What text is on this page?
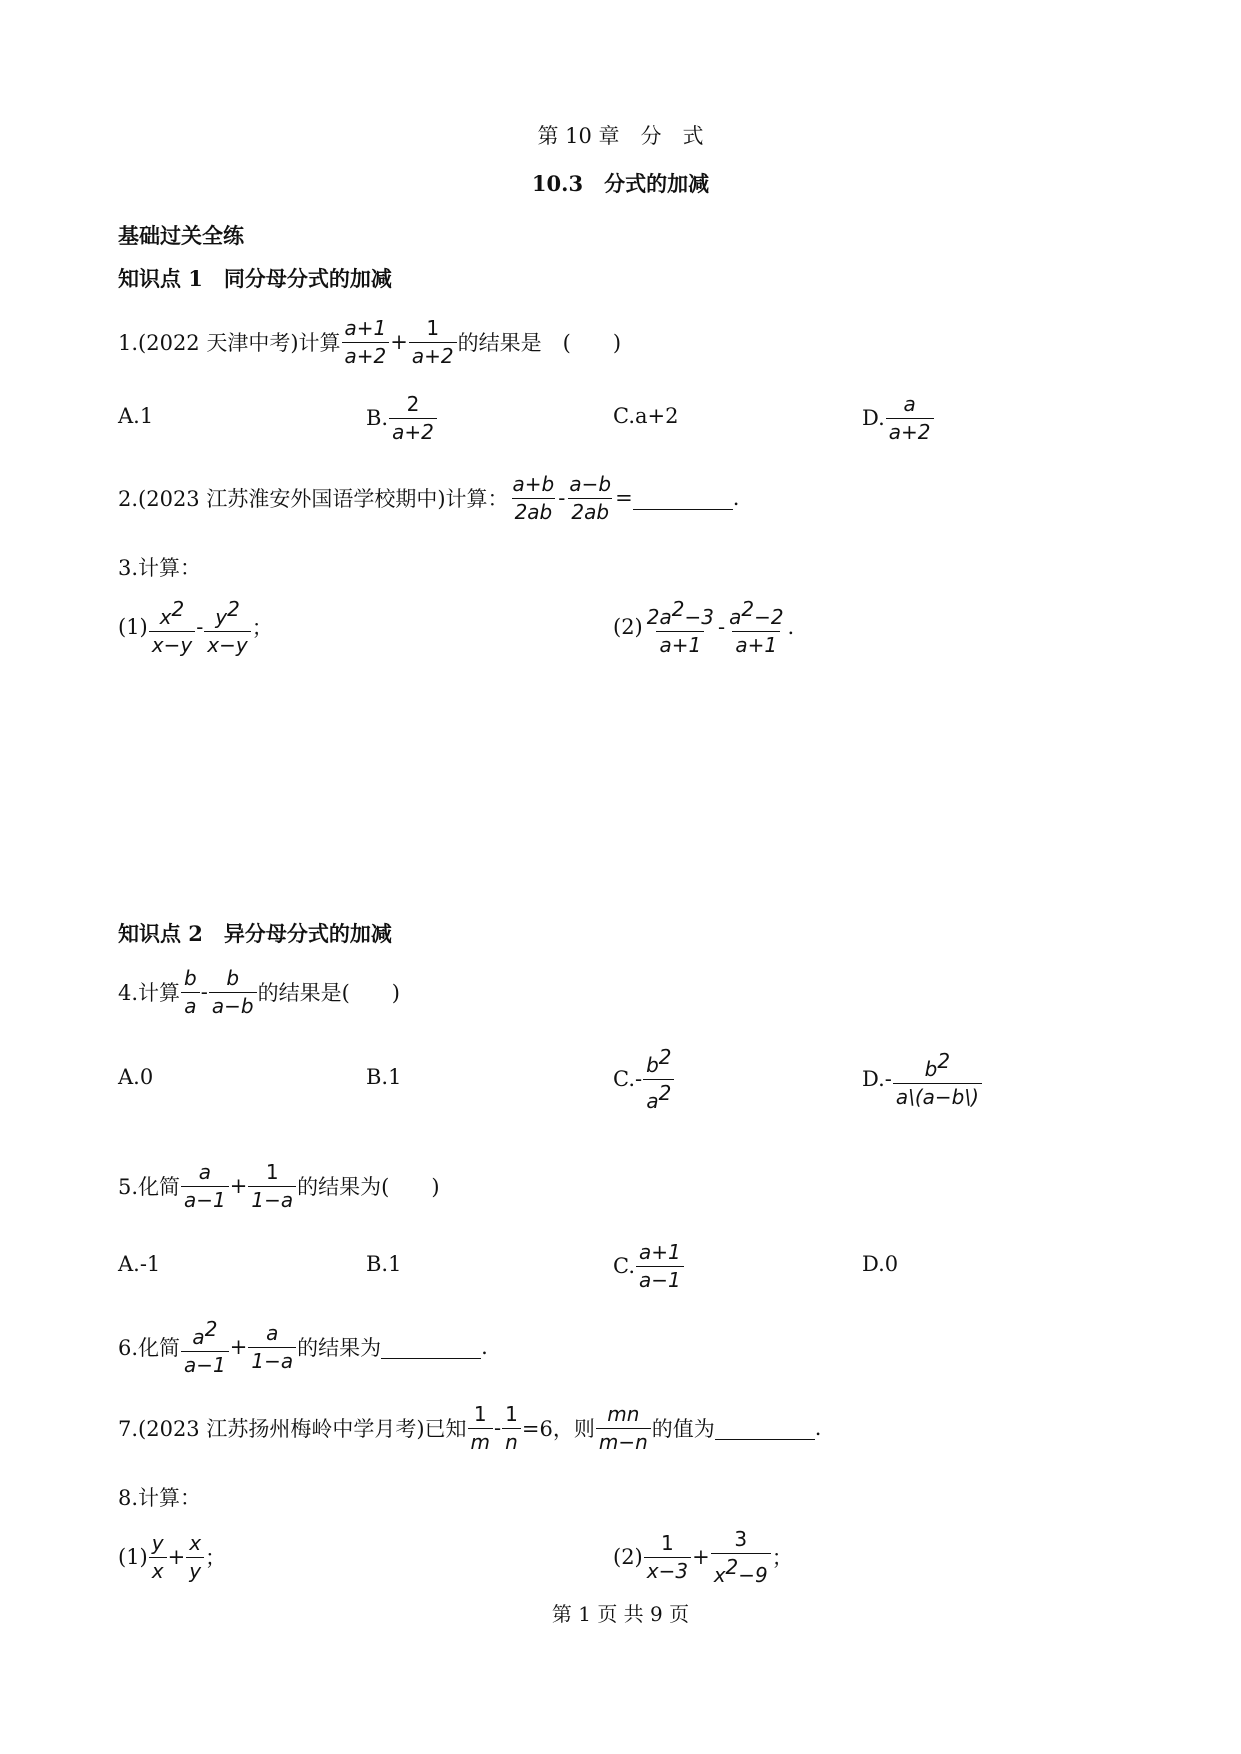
第 10 章　分　式
10.3　分式的加减
基础过关全练
知识点 1　同分母分式的加减
1.(2022 天津中考)计算 $\frac{a+1}{a+2} + \frac{1}{a+2}$ 的结果是　(　　)
A.1	B. $\frac{2}{a+2}$	C.a+2	D. $\frac{a}{a+2}$
2.(2023 江苏淮安外国语学校期中)计算： $\frac{a+b}{2ab} - \frac{a-b}{2ab}$ =	.
3.计算：
$(1) \frac{x^2}{x-y} - \frac{y^2}{x-y}$ ；	$(2) \frac{2a^2-3}{a+1} - \frac{a^2-2}{a+1}$ .
知识点 2　异分母分式的加减
4.计算 $\frac{b}{a} - \frac{b}{a-b}$ 的结果是(　　)
A.0	B.1	$C.- \frac{b^2}{a^2}$	$D.- \frac{b^2}{a\backslash(a-b\backslash)}$
5.化简 $\frac{a}{a-1} + \frac{1}{1-a}$ 的结果为(　　)
A.-1	B.1	C. $\frac{a+1}{a-1}$	D.0
6.化简 $\frac{a^2}{a-1} + \frac{a}{1-a}$ 的结果为	.
7.(2023 江苏扬州梅岭中学月考)已知 $\frac{1}{m} - \frac{1}{n} =6$，则 $\frac{mn}{m-n}$ 的值为	.
8.计算：
$(1) \frac{y}{x} + \frac{x}{y}$ ；	$(2) \frac{1}{x-3} + \frac{3}{x^2-9}$ ；
第 1 页 共 9 页
